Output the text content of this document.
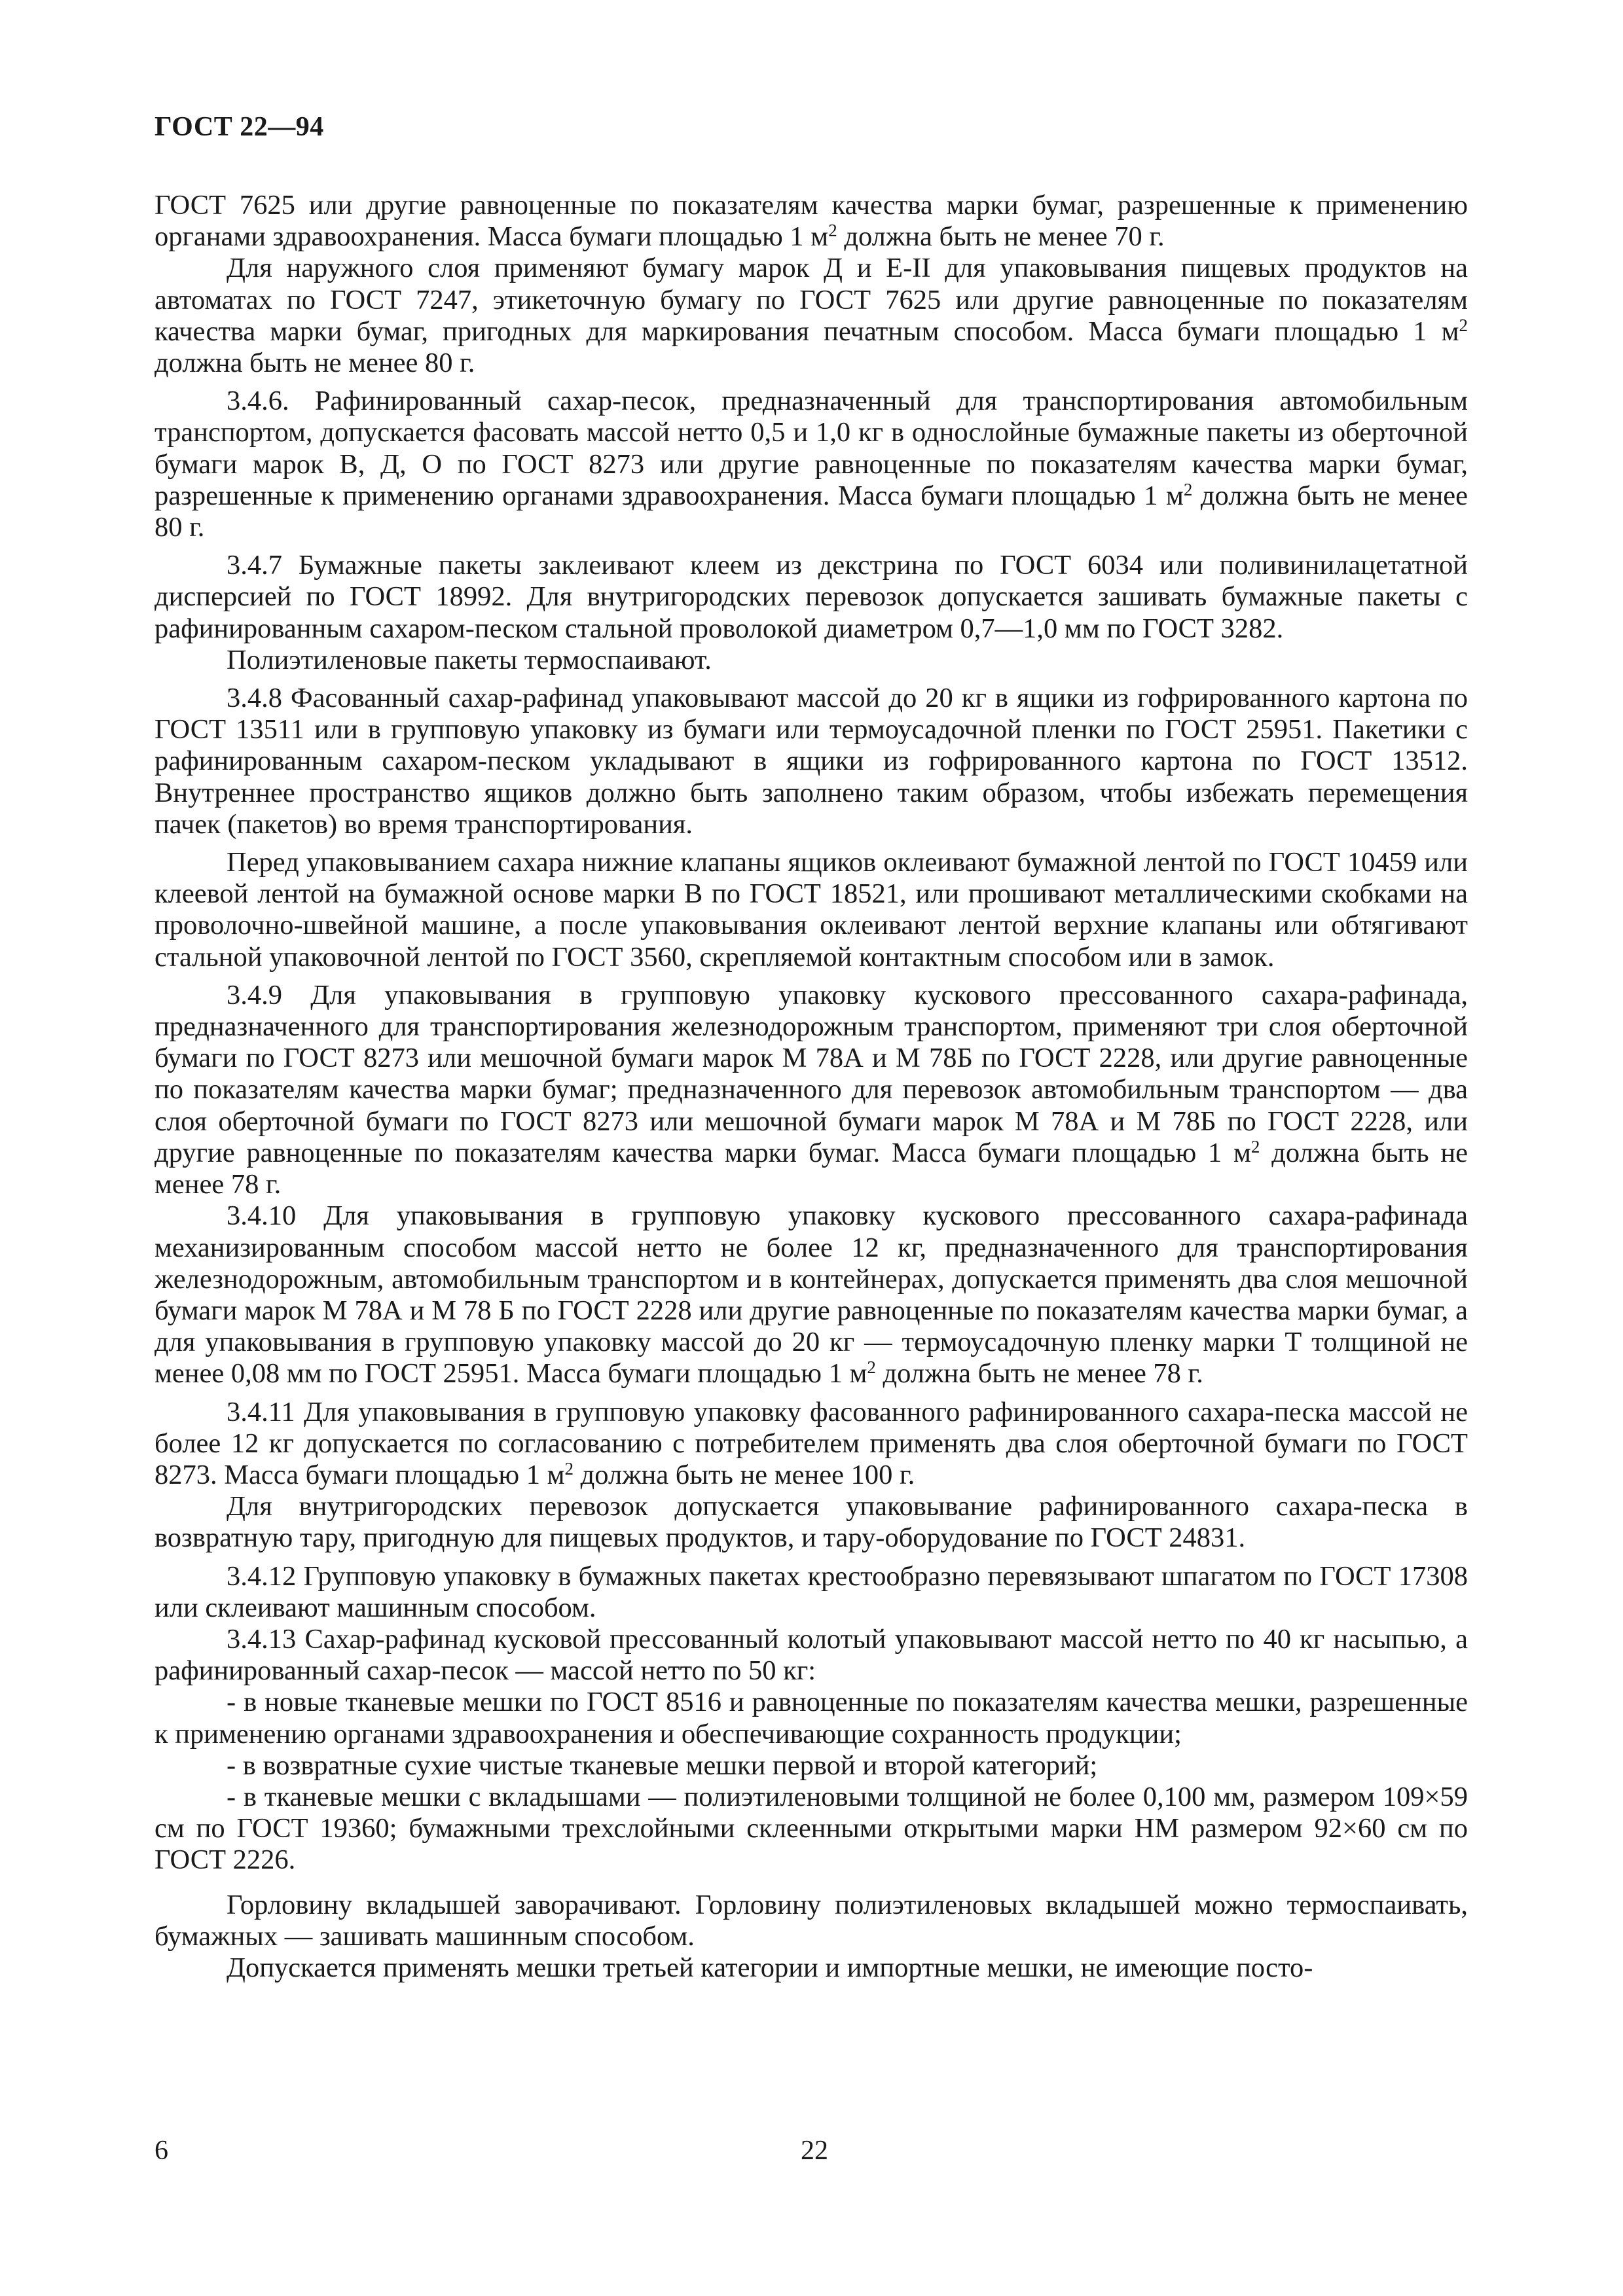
ГОСТ 22—94

ГОСТ 7625 или другие равноценные по показателям качества марки бумаг, разрешенные к применению органами здравоохранения. Масса бумаги площадью 1 $м^2$ должна быть не менее 70 г.

Для наружного слоя применяют бумагу марок Д и Е-II для упаковывания пищевых продуктов на автоматах по ГОСТ 7247, этикеточную бумагу по ГОСТ 7625 или другие равноценные по показателям качества марки бумаг, пригодных для маркирования печатным способом. Масса бумаги площадью 1 $м^2$ должна быть не менее 80 г.

3.4.6. Рафинированный сахар-песок, предназначенный для транспортирования автомобильным транспортом, допускается фасовать массой нетто 0,5 и 1,0 кг в однослойные бумажные пакеты из оберточной бумаги марок В, Д, О по ГОСТ 8273 или другие равноценные по показателям качества марки бумаг, разрешенные к применению органами здравоохранения. Масса бумаги площадью 1 $м^2$ должна быть не менее 80 г.

3.4.7 Бумажные пакеты заклеивают клеем из декстрина по ГОСТ 6034 или поливинилацетатной дисперсией по ГОСТ 18992. Для внутригородских перевозок допускается зашивать бумажные пакеты с рафинированным сахаром-песком стальной проволокой диаметром 0,7—1,0 мм по ГОСТ 3282.

Полиэтиленовые пакеты термоспаивают.

3.4.8 Фасованный сахар-рафинад упаковывают массой до 20 кг в ящики из гофрированного картона по ГОСТ 13511 или в групповую упаковку из бумаги или термоусадочной пленки по ГОСТ 25951. Пакетики с рафинированным сахаром-песком укладывают в ящики из гофрированного картона по ГОСТ 13512. Внутреннее пространство ящиков должно быть заполнено таким образом, чтобы избежать перемещения пачек (пакетов) во время транспортирования.

Перед упаковыванием сахара нижние клапаны ящиков оклеивают бумажной лентой по ГОСТ 10459 или клеевой лентой на бумажной основе марки В по ГОСТ 18521, или прошивают металлическими скобками на проволочно-швейной машине, а после упаковывания оклеивают лентой верхние клапаны или обтягивают стальной упаковочной лентой по ГОСТ 3560, скрепляемой контактным способом или в замок.

3.4.9 Для упаковывания в групповую упаковку кускового прессованного сахара-рафинада, предназначенного для транспортирования железнодорожным транспортом, применяют три слоя оберточной бумаги по ГОСТ 8273 или мешочной бумаги марок М 78А и М 78Б по ГОСТ 2228, или другие равноценные по показателям качества марки бумаг; предназначенного для перевозок автомобильным транспортом — два слоя оберточной бумаги по ГОСТ 8273 или мешочной бумаги марок М 78А и М 78Б по ГОСТ 2228, или другие равноценные по показателям качества марки бумаг. Масса бумаги площадью 1 $м^2$ должна быть не менее 78 г.

3.4.10 Для упаковывания в групповую упаковку кускового прессованного сахара-рафинада механизированным способом массой нетто не более 12 кг, предназначенного для транспортирования железнодорожным, автомобильным транспортом и в контейнерах, допускается применять два слоя мешочной бумаги марок М 78А и М 78 Б по ГОСТ 2228 или другие равноценные по показателям качества марки бумаг, а для упаковывания в групповую упаковку массой до 20 кг — термоусадочную пленку марки Т толщиной не менее 0,08 мм по ГОСТ 25951. Масса бумаги площадью 1 $м^2$ должна быть не менее 78 г.

3.4.11 Для упаковывания в групповую упаковку фасованного рафинированного сахара-песка массой не более 12 кг допускается по согласованию с потребителем применять два слоя оберточной бумаги по ГОСТ 8273. Масса бумаги площадью 1 $м^2$ должна быть не менее 100 г.

Для внутригородских перевозок допускается упаковывание рафинированного сахара-песка в возвратную тару, пригодную для пищевых продуктов, и тару-оборудование по ГОСТ 24831.

3.4.12 Групповую упаковку в бумажных пакетах крестообразно перевязывают шпагатом по ГОСТ 17308 или склеивают машинным способом.

3.4.13 Сахар-рафинад кусковой прессованный колотый упаковывают массой нетто по 40 кг насыпью, а рафинированный сахар-песок — массой нетто по 50 кг:

- в новые тканевые мешки по ГОСТ 8516 и равноценные по показателям качества мешки, разрешенные к применению органами здравоохранения и обеспечивающие сохранность продукции;

- в возвратные сухие чистые тканевые мешки первой и второй категорий;

- в тканевые мешки с вкладышами — полиэтиленовыми толщиной не более 0,100 мм, размером 109×59 см по ГОСТ 19360; бумажными трехслойными склеенными открытыми марки НМ размером 92×60 см по ГОСТ 2226.

Горловину вкладышей заворачивают. Горловину полиэтиленовых вкладышей можно термоспаивать, бумажных — зашивать машинным способом.

Допускается применять мешки третьей категории и импортные мешки, не имеющие посто-

6	22
